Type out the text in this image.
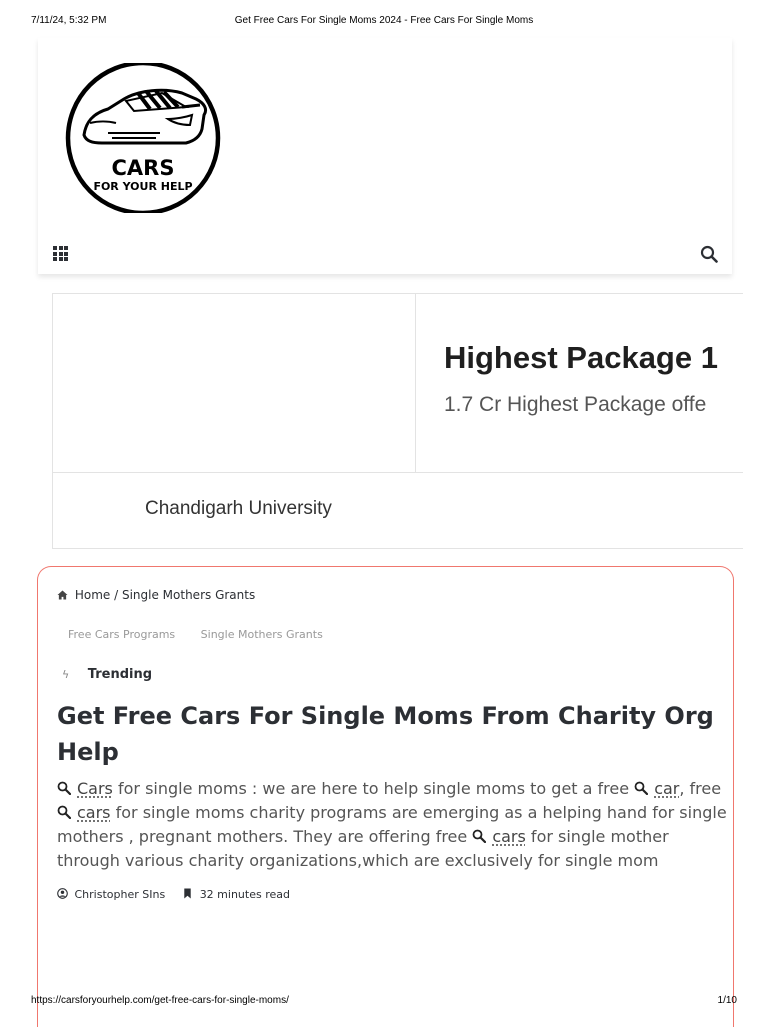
7/11/24, 5:32 PM	Get Free Cars For Single Moms 2024 - Free Cars For Single Moms
CARS
FOR YOUR HELP
Highest Package 1
1.7 Cr Highest Package offe
Chandigarh University
Home / Single Mothers Grants
Free Cars Programs Single Mothers Grants
ϟ Trending
Get Free Cars For Single Moms From Charity Org Help

Cars for single moms : we are here to help single moms to get a free car, free cars for single moms charity programs are emerging as a helping hand for single mothers , pregnant mothers. They are offering free cars for single mother through various charity organizations,which are exclusively for single mom

Christopher SIns	32 minutes read
https://carsforyourhelp.com/get-free-cars-for-single-moms/	1/10
